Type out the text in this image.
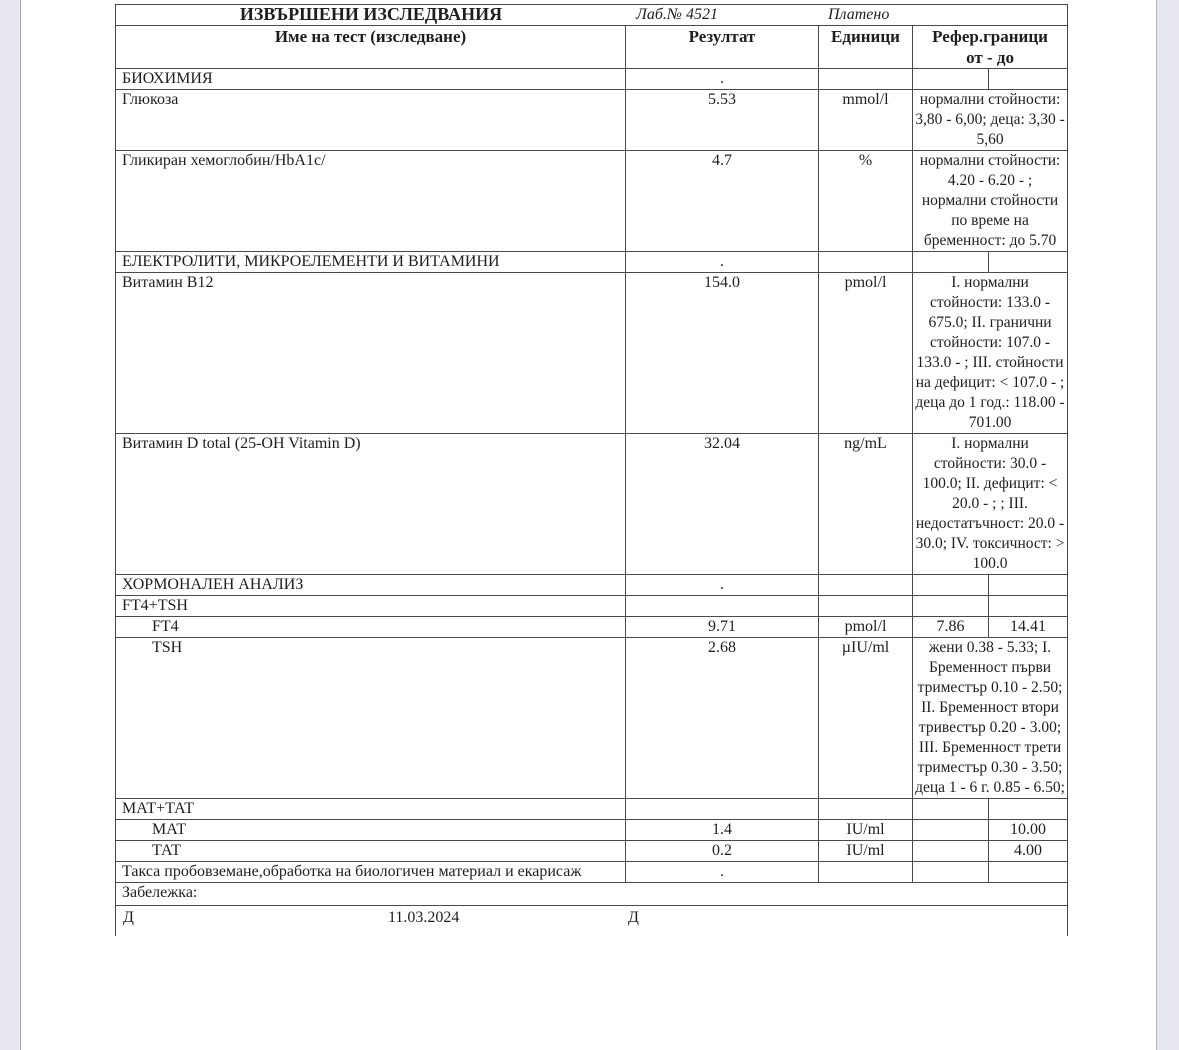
ИЗВЪРШЕНИ ИЗСЛЕДВАНИЯ Лаб.№ 4521 Платено				

Име на тест (изследване)	Резултат	Единици	Рефер.граници
от - до	

БИОХИМИЯ	.			
Глюкоза	5.53	mmol/l	нормални стойности: 3,80 - 6,00; деца: 3,30 - 5,60	
Гликиран хемоглобин/HbA1c/	4.7	%	нормални стойности: 4.20 - 6.20 - ; нормални стойности по време на бременност: до 5.70	
ЕЛЕКТРОЛИТИ, МИКРОЕЛЕМЕНТИ И ВИТАМИНИ	.			
Витамин B12	154.0	pmol/l	I. нормални стойности: 133.0 - 675.0; II. гранични стойности: 107.0 - 133.0 - ; III. стойности на дефицит: < 107.0 - ; деца до 1 год.: 118.00 - 701.00	
Витамин D total (25-OH Vitamin D)	32.04	ng/mL	I. нормални стойности: 30.0 - 100.0; II. дефицит: < 20.0 - ; ; III. недостатъчност: 20.0 - 30.0; IV. токсичност: > 100.0	
ХОРМОНАЛЕН АНАЛИЗ	.			
FT4+TSH				
FT4	9.71	pmol/l	7.86	14.41
TSH	2.68	µIU/ml	жени 0.38 - 5.33; I. Бременност първи триместър 0.10 - 2.50; II. Бременност втори тривестър 0.20 - 3.00; III. Бременност трети триместър 0.30 - 3.50; деца 1 - 6 г. 0.85 - 6.50;	
МАТ+ТАТ				
МАТ	1.4	IU/ml		10.00
ТАТ	0.2	IU/ml		4.00
Такса пробовземане,обработка на биологичен материал и екарисаж	.			
Забележка:				

Д 11.03.2024 Д				
